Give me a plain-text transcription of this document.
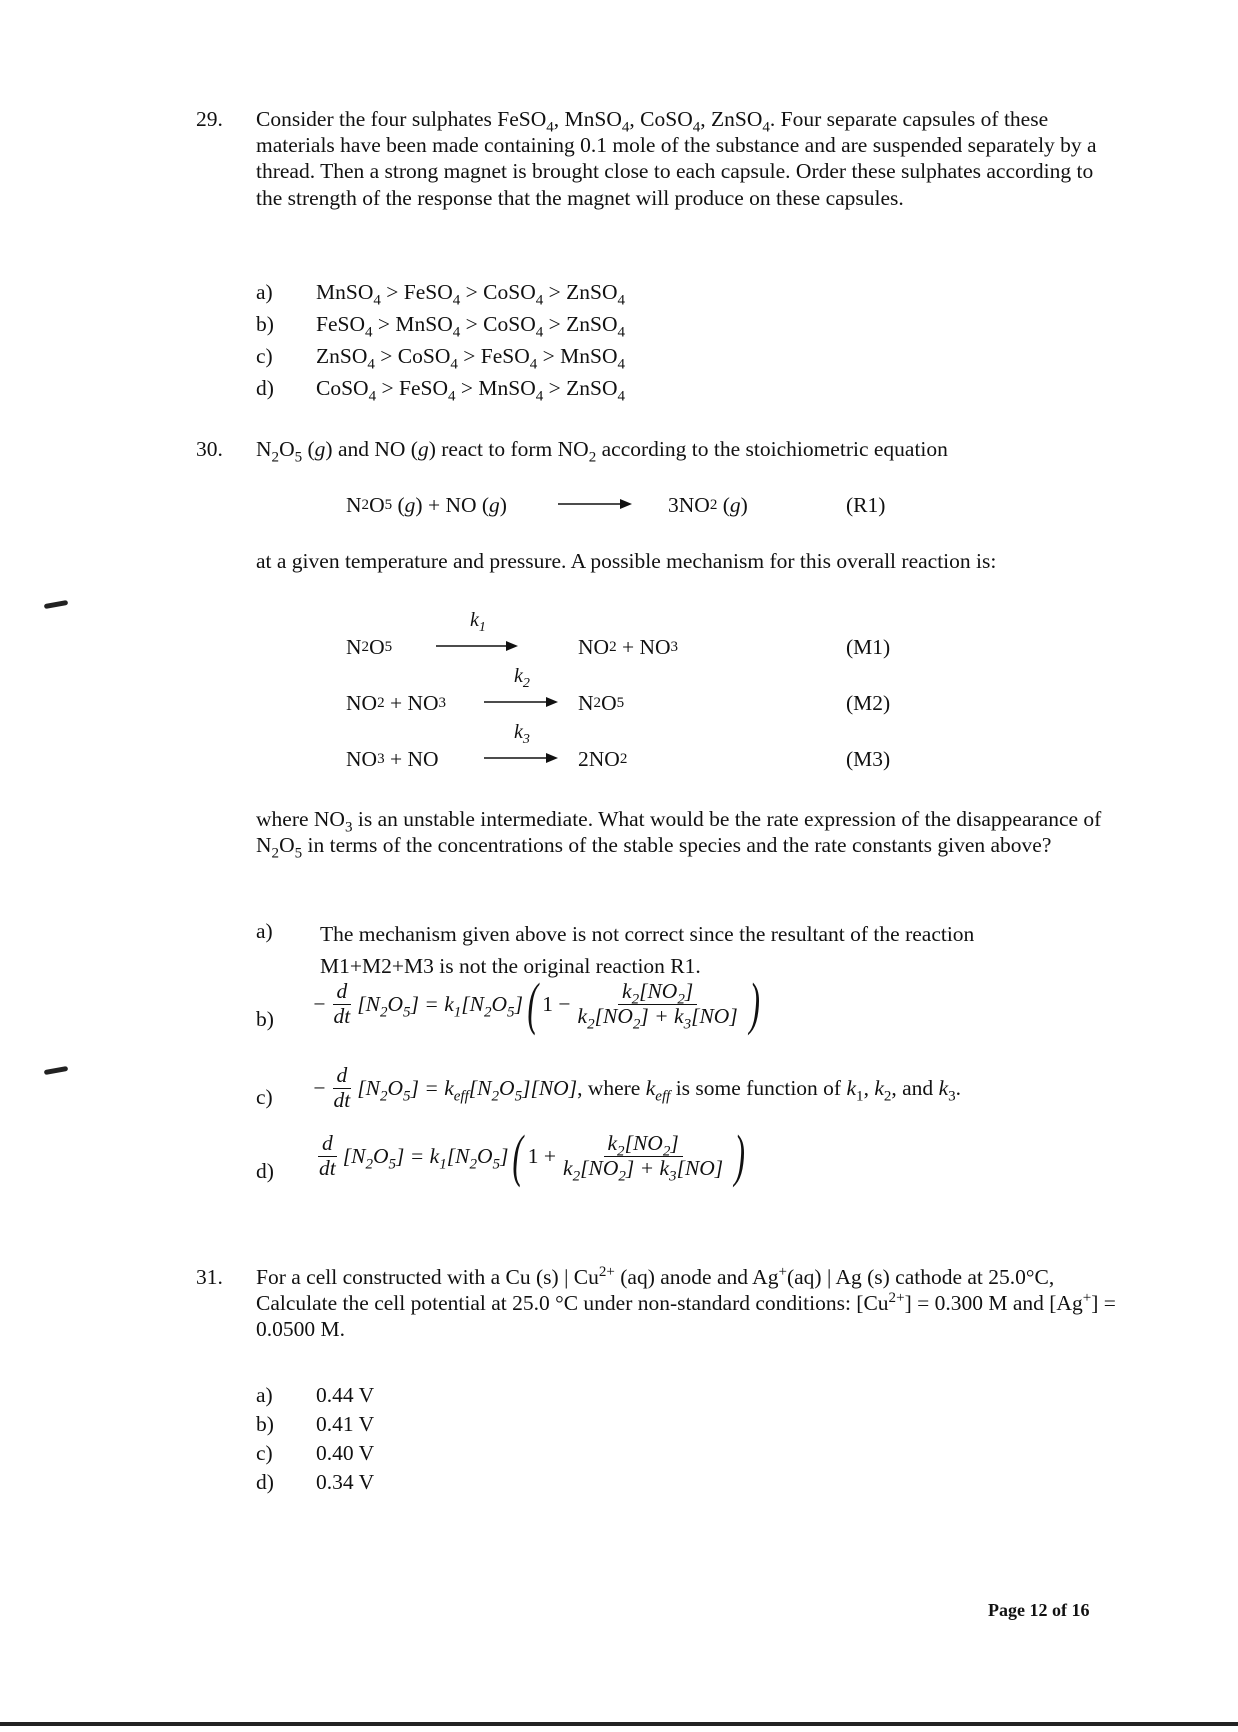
29. Consider the four sulphates FeSO$_4$, MnSO$_4$, CoSO$_4$, ZnSO$_4$. Four separate capsules of these materials have been made containing 0.1 mole of the substance and are suspended separately by a thread. Then a strong magnet is brought close to each capsule. Order these sulphates according to the strength of the response that the magnet will produce on these capsules.
a) MnSO$_4$ > FeSO$_4$ > CoSO$_4$ > ZnSO$_4$
b) FeSO$_4$ > MnSO$_4$ > CoSO$_4$ > ZnSO$_4$
c) ZnSO$_4$ > CoSO$_4$ > FeSO$_4$ > MnSO$_4$
d) CoSO$_4$ > FeSO$_4$ > MnSO$_4$ > ZnSO$_4$
30. $N_2O_5$ (g) and NO (g) react to form $NO_2$ according to the stoichiometric equation
N 2 O 5 ( g ) + NO ( g )	3NO 2 ( g )	(R1)
at a given temperature and pressure. A possible mechanism for this overall reaction is:
N 2 O 5
$k_1$
NO 2 + NO 3	(M1)
NO 2 + NO 3
$k_2$
N 2 O 5	(M2)
NO 3 + NO
$k_3$
2NO 2	(M3)
where $NO_3$ is an unstable intermediate. What would be the rate expression of the disappearance of $N_2O_5$ in terms of the concentrations of the stable species and the rate constants given above?
a) The mechanism given above is not correct since the resultant of the reaction M1+M2+M3 is not the original reaction R1.
b)
− $\frac{d}{dt} [N_2O_5] = k_1[N_2O_5]$ ( $1 - \frac{k_2[NO_2]}{k_2[NO_2] + k_3[NO]}$ )
$c) - \frac{d}{dt} [N_2O_5] = k_{eff}[N_2O_5][NO]$ , where $k_{eff}$ is some function of $k_1$, $k_2$, and $k_3$.
$d) \frac{d}{dt} [N_2O_5] = k_1[N_2O_5]$ ( $1 + \frac{k_2[NO_2]}{k_2[NO_2] + k_3[NO]}$ )
31. For a cell constructed with a Cu (s) | $Cu^{2+}$ (aq) anode and Ag+(aq) | Ag (s) cathode at 25.0°C, Calculate the cell potential at 25.0 °C under non-standard conditions: $[Cu^{2+}] = 0.300$ M and [Ag+] = 0.0500 M.
a) 0.44 V
b) 0.41 V
c) 0.40 V
d) 0.34 V
Page 12 of 16
